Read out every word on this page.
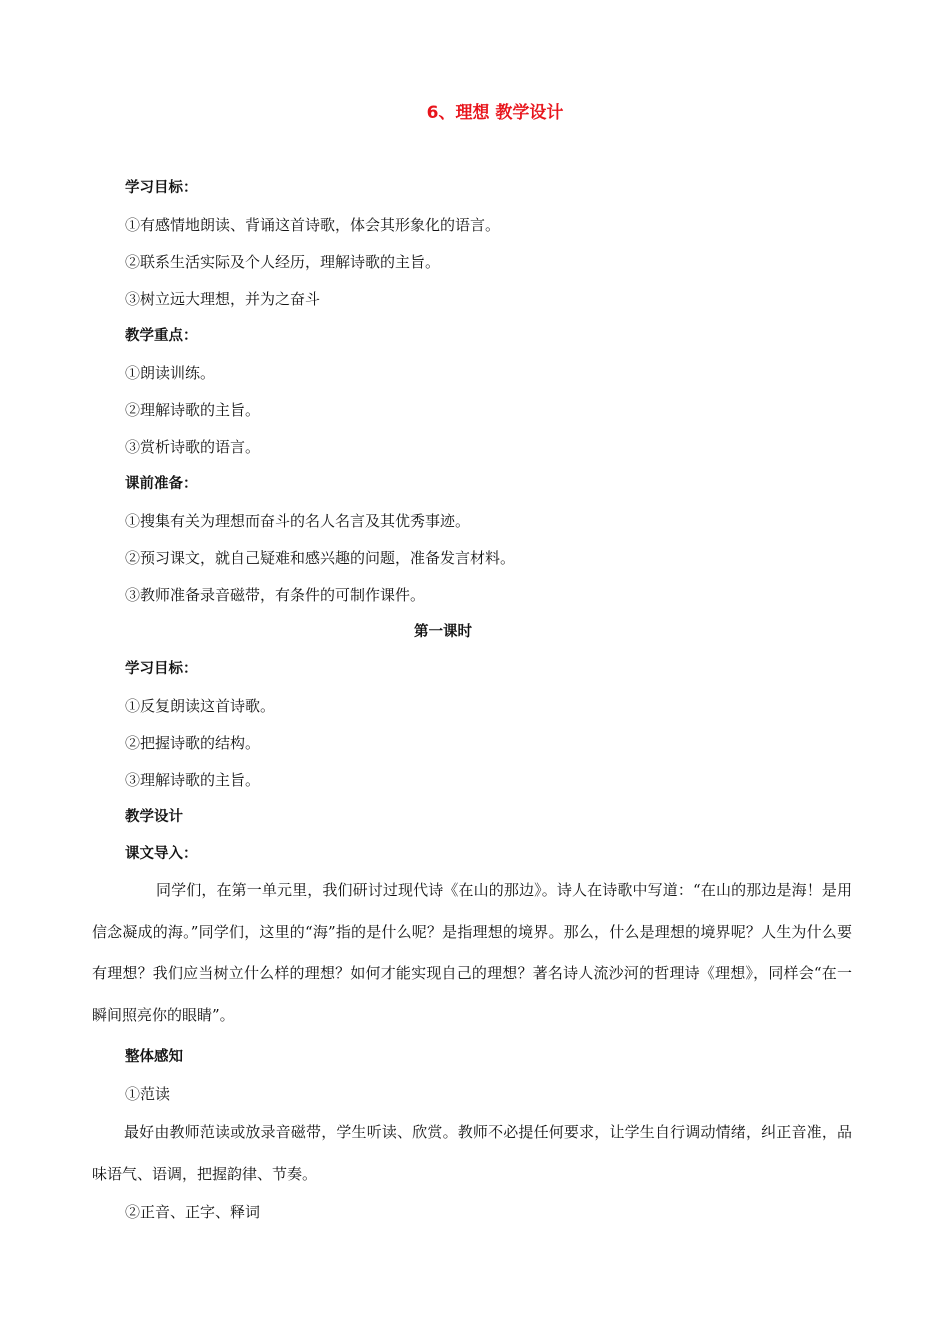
6、理想 教学设计
学习目标：
①有感情地朗读、背诵这首诗歌，体会其形象化的语言。
②联系生活实际及个人经历，理解诗歌的主旨。
③树立远大理想，并为之奋斗
教学重点：
①朗读训练。
②理解诗歌的主旨。
③赏析诗歌的语言。
课前准备：
①搜集有关为理想而奋斗的名人名言及其优秀事迹。
②预习课文，就自己疑难和感兴趣的问题，准备发言材料。
③教师准备录音磁带，有条件的可制作课件。
第一课时
学习目标：
①反复朗读这首诗歌。
②把握诗歌的结构。
③理解诗歌的主旨。
教学设计
课文导入：
同学们，在第一单元里，我们研讨过现代诗《在山的那边》。诗人在诗歌中写道：“在山的那边是海！是用信念凝成的海。”同学们，这里的“海”指的是什么呢？是指理想的境界。那么，什么是理想的境界呢？人生为什么要有理想？我们应当树立什么样的理想？如何才能实现自己的理想？著名诗人流沙河的哲理诗《理想》，同样会“在一瞬间照亮你的眼睛”。
整体感知
①范读
最好由教师范读或放录音磁带，学生听读、欣赏。教师不必提任何要求，让学生自行调动情绪，纠正音准，品味语气、语调，把握韵律、节奏。
②正音、正字、释词
